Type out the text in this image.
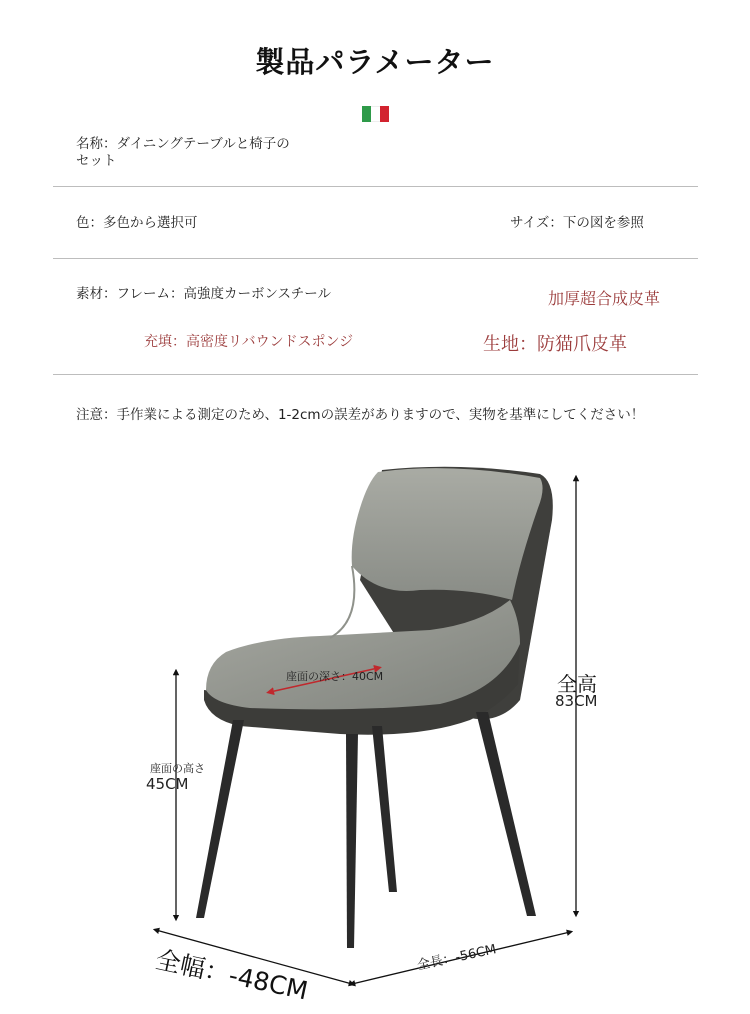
製品パラメーター
名称：ダイニングテーブルと椅子のセット
色：多色から選択可	サイズ：下の図を参照
素材：フレーム：高強度カーボンスチール	加厚超合成皮革
充填：高密度リバウンドスポンジ	生地：防猫爪皮革
注意：手作業による測定のため、1-2cmの誤差がありますので、実物を基準にしてください！
座面の深さ：40CM
座面の高さ
45CM
全高
83CM
全幅：-48CM	全長：-56CM
